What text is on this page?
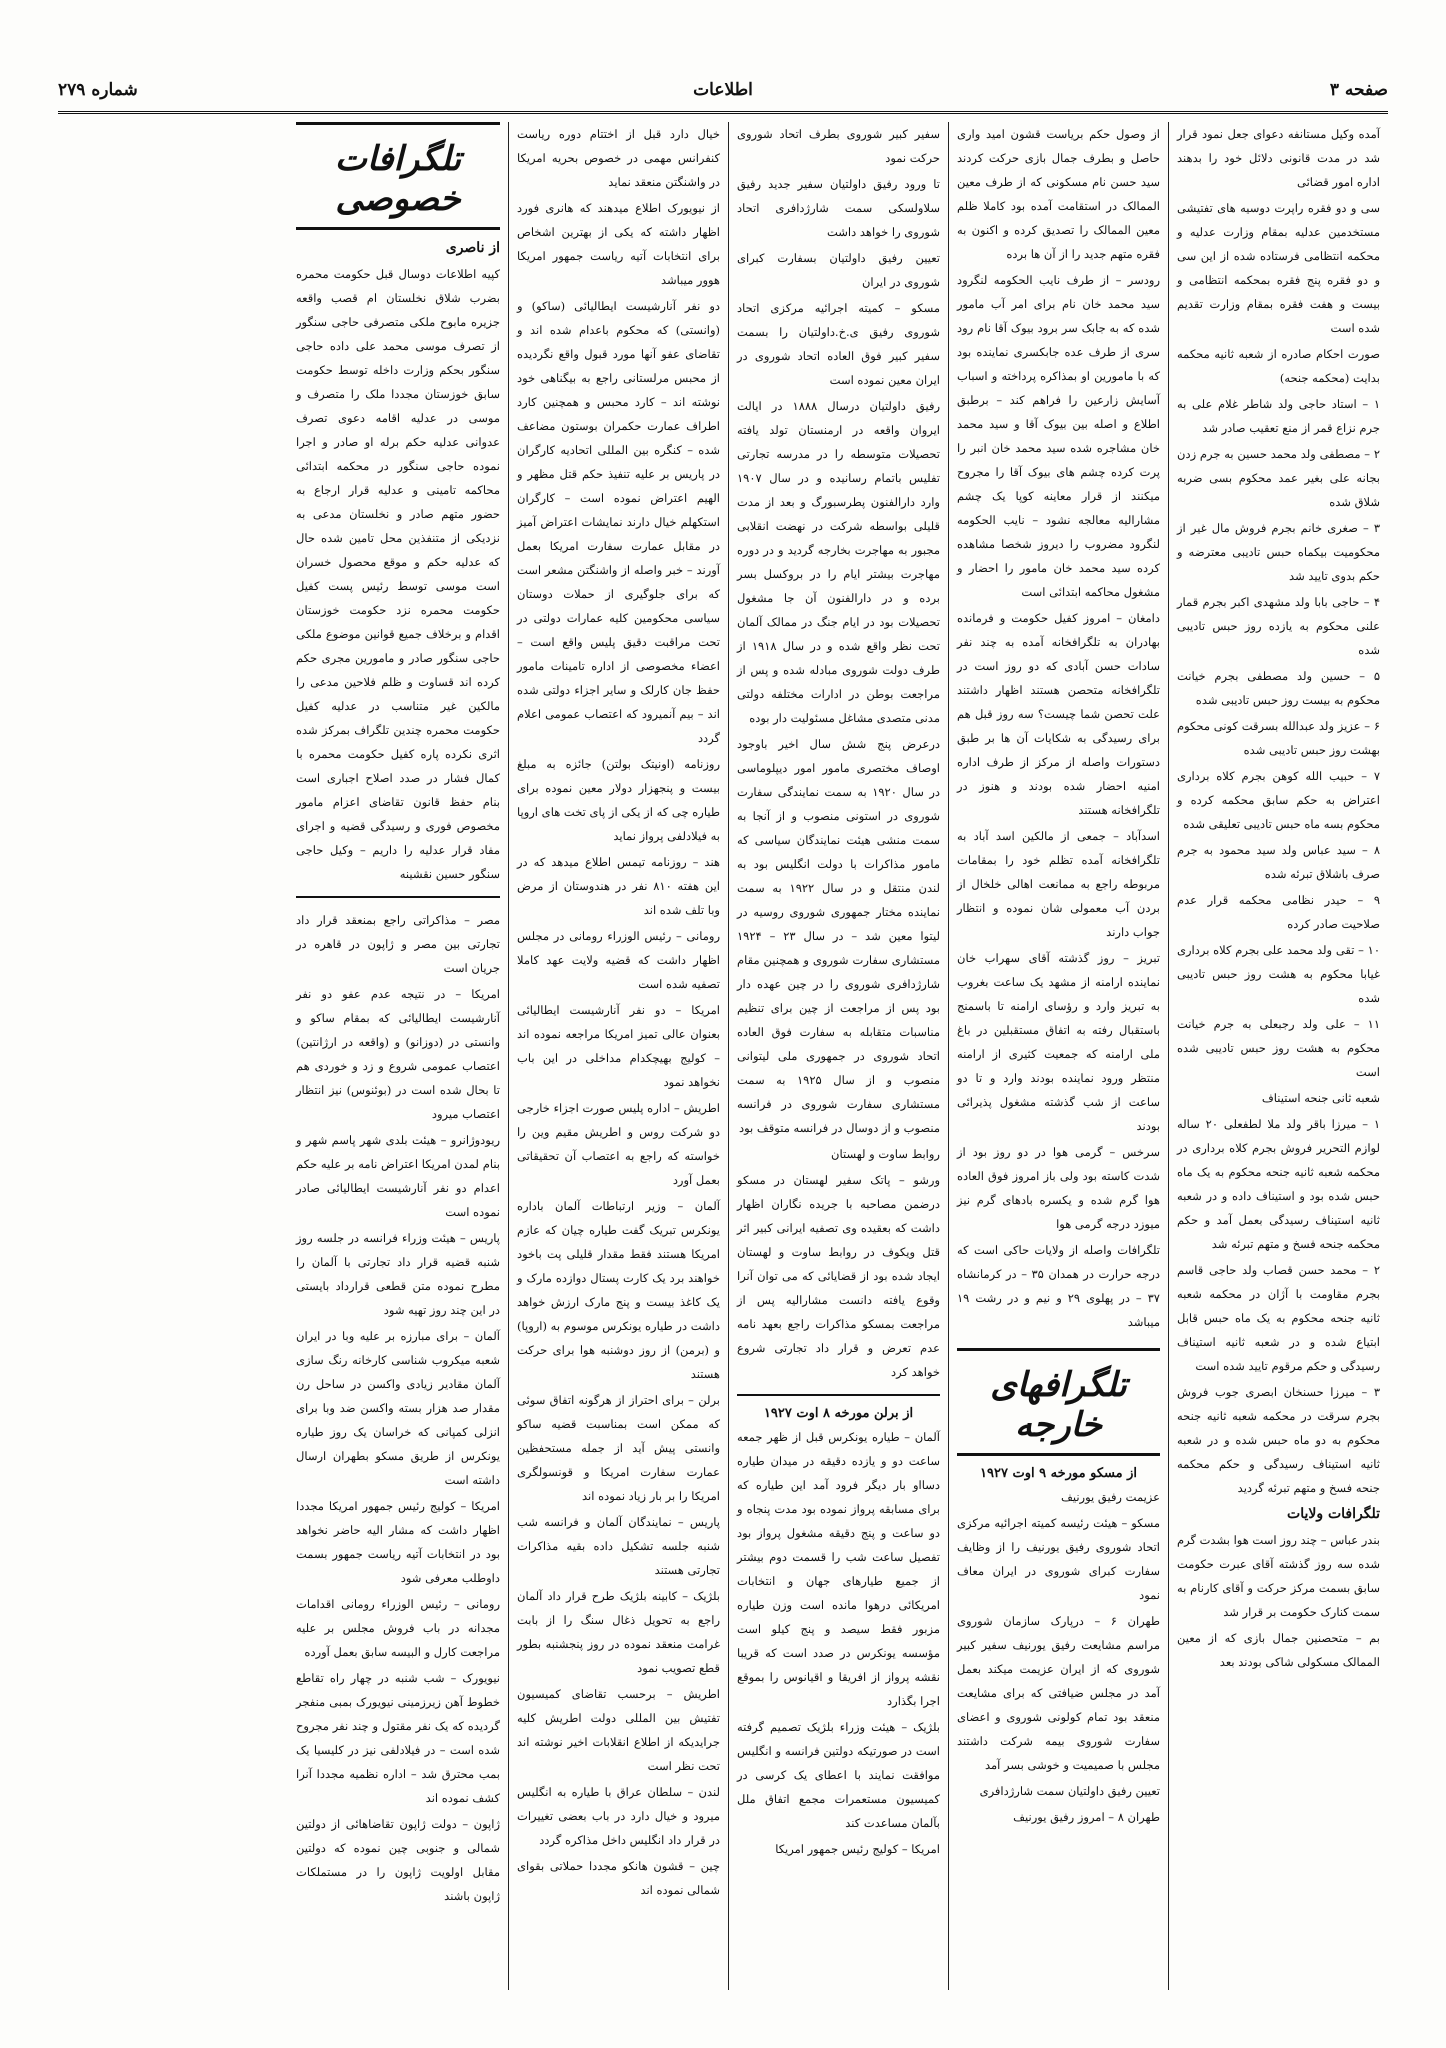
صفحه ۳
اطلاعات
شماره ۲۷۹

آمده وکیل مستانفه دعوای جعل نمود قرار شد در مدت قانونی دلائل خود را بدهند اداره امور قضائی

سی و دو فقره راپرت دوسیه های تفتیشی مستخدمین عدلیه بمقام وزارت عدلیه و محکمه انتظامی فرستاده شده از این سی و دو فقره پنج فقره بمحکمه انتظامی و بیست و هفت فقره بمقام وزارت تقدیم شده است

صورت احکام صادره از شعبه ثانیه محکمه بدایت (محکمه جنحه)

۱ – استاد حاجی ولد شاطر غلام علی به جرم نزاع قمر از منع تعقیب صادر شد

۲ – مصطفی ولد محمد حسین به جرم زدن بجانه علی بغیر عمد محکوم بسی ضربه شلاق شده

۳ – صغری خانم بجرم فروش مال غیر از محکومیت بیکماه حبس تادیبی معترضه و حکم بدوی تایید شد

۴ – حاجی بابا ولد مشهدی اکبر بجرم قمار علنی محکوم به یازده روز حبس تادیبی شده

۵ – حسین ولد مصطفی بجرم خیانت محکوم به بیست روز حبس تادیبی شده

۶ – عزیز ولد عبدالله بسرقت کونی محکوم بهشت روز حبس تادیبی شده

۷ – حبیب الله کوهن بجرم کلاه برداری اعتراض به حکم سابق محکمه کرده و محکوم بسه ماه حبس تادیبی تعلیقی شده

۸ – سید عباس ولد سید محمود به جرم صرف باشلاق تبرئه شده

۹ – حیدر نظامی محکمه قرار عدم صلاحیت صادر کرده

۱۰ – تقی ولد محمد علی بجرم کلاه برداری غیابا محکوم به هشت روز حبس تادیبی شده

۱۱ – علی ولد رجبعلی به جرم خیانت محکوم به هشت روز حبس تادیبی شده است

شعبه ثانی جنحه استیناف

۱ – میرزا باقر ولد ملا لطفعلی ۲۰ ساله لوازم التحریر فروش بجرم کلاه برداری در محکمه شعبه ثانیه جنحه محکوم به یک ماه حبس شده بود و استیناف داده و در شعبه ثانیه استیناف رسیدگی بعمل آمد و حکم محکمه جنحه فسخ و متهم تبرئه شد

۲ – محمد حسن قصاب ولد حاجی قاسم بجرم مقاومت با آژان در محکمه شعبه ثانیه جنحه محکوم به یک ماه حبس قابل ابتیاع شده و در شعبه ثانیه استیناف رسیدگی و حکم مرقوم تایید شده است

۳ – میرزا حسنخان ابصری جوب فروش بجرم سرقت در محکمه شعبه ثانیه جنحه محکوم به دو ماه حبس شده و در شعبه ثانیه استیناف رسیدگی و حکم محکمه جنحه فسخ و متهم تبرئه گردید

تلگرافات ولایات

بندر عباس – چند روز است هوا بشدت گرم شده سه روز گذشته آقای عبرت حکومت سابق بسمت مرکز حرکت و آقای کارنام به سمت کنارک حکومت بر قرار شد

بم – متحصنین جمال بازی که از معین الممالک مسکولی شاکی بودند بعد

از وصول حکم بریاست قشون امید واری حاصل و بطرف جمال بازی حرکت کردند سید حسن نام مسکونی که از طرف معین الممالک در استقامت آمده بود کاملا ظلم معین الممالک را تصدیق کرده و اکنون به فقره متهم جدید را از آن ها برده

رودسر – از طرف نایب الحکومه لنگرود سید محمد خان نام برای امر آب مامور شده که به جابک سر برود بیوک آقا نام رود سری از طرف عده جابکسری نماینده بود که با مامورین او بمذاکره پرداخته و اسباب آسایش زارعین را فراهم کند – برطبق اطلاع و اصله بین بیوک آقا و سید محمد خان مشاجره شده سید محمد خان انبر را پرت کرده چشم های بیوک آقا را مجروح میکنند از قرار معاینه کوپا یک چشم مشارالیه معالجه نشود – نایب الحکومه لنگرود مضروب را دیروز شخصا مشاهده کرده سید محمد خان مامور را احضار و مشغول محاکمه ابتدائی است

دامغان – امروز کفیل حکومت و فرمانده بهادران به تلگرافخانه آمده به چند نفر سادات حسن آبادی که دو روز است در تلگرافخانه متحصن هستند اظهار داشتند علت تحصن شما چیست؟ سه روز قبل هم برای رسیدگی به شکایات آن ها بر طبق دستورات واصله از مرکز از طرف اداره امنیه احضار شده بودند و هنوز در تلگرافخانه هستند

اسدآباد – جمعی از مالکین اسد آباد به تلگرافخانه آمده تظلم خود را بمقامات مربوطه راجع به ممانعت اهالی خلخال از بردن آب معمولی شان نموده و انتظار جواب دارند

تبریز – روز گذشته آقای سهراب خان نماینده ارامنه از مشهد یک ساعت بغروب به تبریز وارد و رؤسای ارامنه تا باسمنج باستقبال رفته به اتفاق مستقبلین در باغ ملی ارامنه که جمعیت کثیری از ارامنه منتظر ورود نماینده بودند وارد و تا دو ساعت از شب گذشته مشغول پذیرائی بودند

سرخس – گرمی هوا در دو روز بود از شدت کاسته بود ولی باز امروز فوق العاده هوا گرم شده و یکسره بادهای گرم نیز میوزد درجه گرمی هوا

تلگرافات واصله از ولایات حاکی است که درجه حرارت در همدان ۳۵ – در کرمانشاه ۳۷ – در پهلوی ۲۹ و نیم و در رشت ۱۹ میباشد

تلگرافهای خارجه
از مسکو مورخه ۹ اوت ۱۹۲۷

عزیمت رفیق یورنیف

مسکو – هیئت رئیسه کمیته اجرائیه مرکزی اتحاد شوروی رفیق یورنیف را از وظایف سفارت کبرای شوروی در ایران معاف نمود

طهران ۶ – درپارک سازمان شوروی مراسم مشایعت رفیق یورنیف سفیر کبیر شوروی که از ایران عزیمت میکند بعمل آمد در مجلس ضیافتی که برای مشایعت منعقد بود تمام کولونی شوروی و اعضای سفارت شوروی بیمه شرکت داشتند مجلس با صمیمیت و خوشی بسر آمد

تعیین رفیق داولتیان سمت شارژدافری

طهران ۸ – امروز رفیق یورنیف

سفیر کبیر شوروی بطرف اتحاد شوروی حرکت نمود

تا ورود رفیق داولتیان سفیر جدید رفیق سلاولسکی سمت شارژدافری اتحاد شوروی را خواهد داشت

تعیین رفیق داولتیان بسفارت کبرای شوروی در ایران

مسکو – کمیته اجرائیه مرکزی اتحاد شوروی رفیق ی.خ.داولتیان را بسمت سفیر کبیر فوق العاده اتحاد شوروی در ایران معین نموده است

رفیق داولتیان درسال ۱۸۸۸ در ایالت ایروان واقعه در ارمنستان تولد یافته تحصیلات متوسطه را در مدرسه تجارتی تفلیس باتمام رسانیده و در سال ۱۹۰۷ وارد دارالفنون پطرسبورگ و بعد از مدت قلیلی بواسطه شرکت در نهضت انقلابی مجبور به مهاجرت بخارجه گردید و در دوره مهاجرت بیشتر ایام را در بروکسل بسر برده و در دارالفنون آن جا مشغول تحصیلات بود در ایام جنگ در ممالک آلمان تحت نظر واقع شده و در سال ۱۹۱۸ از طرف دولت شوروی مبادله شده و پس از مراجعت بوطن در ادارات مختلفه دولتی مدنی متصدی مشاغل مسئولیت دار بوده

درعرض پنج شش سال اخیر باوجود اوصاف مختصری مامور امور دیپلوماسی در سال ۱۹۲۰ به سمت نمایندگی سفارت شوروی در استونی منصوب و از آنجا به سمت منشی هیئت نمایندگان سیاسی که مامور مذاکرات با دولت انگلیس بود به لندن منتقل و در سال ۱۹۲۲ به سمت نماینده مختار جمهوری شوروی روسیه در لیتوا معین شد – در سال ۲۳ – ۱۹۲۴ مستشاری سفارت شوروی و همچنین مقام شارژدافری شوروی را در چین عهده دار بود پس از مراجعت از چین برای تنظیم مناسبات متقابله به سفارت فوق العاده اتحاد شوروی در جمهوری ملی لیتوانی منصوب و از سال ۱۹۲۵ به سمت مستشاری سفارت شوروی در فرانسه منصوب و از دوسال در فرانسه متوقف بود

روابط ساوت و لهستان

ورشو – پاتک سفیر لهستان در مسکو درضمن مصاحبه با جریده نگاران اظهار داشت که بعقیده وی تصفیه ایرانی کبیر اثر قتل ویکوف در روابط ساوت و لهستان ایجاد شده بود از قضایائی که می توان آنرا وقوع یافته دانست مشارالیه پس از مراجعت بمسکو مذاکرات راجع بعهد نامه عدم تعرض و قرار داد تجارتی شروع خواهد کرد

از برلن مورخه ۸ اوت ۱۹۲۷

آلمان – طیاره یونکرس قبل از ظهر جمعه ساعت دو و یازده دقیقه در میدان طیاره دسااو بار دیگر فرود آمد این طیاره که برای مسابقه پرواز نموده بود مدت پنجاه و دو ساعت و پنج دقیقه مشغول پرواز بود تفصیل ساعت شب را قسمت دوم بیشتر از جمیع طیارهای جهان و انتخابات امریکائی درهوا مانده است وزن طیاره مزبور فقط سیصد و پنج کیلو است مؤسسه یونکرس در صدد است که قریبا نقشه پرواز از افریقا و اقیانوس را بموقع اجرا بگذارد

بلژیک – هیئت وزراء بلژیک تصمیم گرفته است در صورتیکه دولتین فرانسه و انگلیس موافقت نمایند با اعطای یک کرسی در کمیسیون مستعمرات مجمع اتفاق ملل بآلمان مساعدت کند

امریکا – کولیج رئیس جمهور امریکا

خیال دارد قبل از اختتام دوره ریاست کنفرانس مهمی در خصوص بحریه امریکا در واشنگتن منعقد نماید

از نیویورک اطلاع میدهند که هانری فورد اظهار داشته که یکی از بهترین اشخاص برای انتخابات آتیه ریاست جمهور امریکا هوور میباشد

دو نفر آنارشیست ایطالیائی (ساکو) و (وانستی) که محکوم باعدام شده اند و تقاضای عفو آنها مورد قبول واقع نگردیده از محبس مرلستانی راجع به بیگناهی خود نوشته اند – کارد محبس و همچنین کارد اطراف عمارت حکمران بوستون مضاعف شده – کنگره بین المللی اتحادیه کارگران در پاریس بر علیه تنفیذ حکم قتل مظهر و الهیم اعتراض نموده است – کارگران استکهلم خیال دارند نمایشات اعتراض آمیز در مقابل عمارت سفارت امریکا بعمل آورند – خبر واصله از واشنگتن مشعر است که برای جلوگیری از حملات دوستان سیاسی محکومین کلیه عمارات دولتی در تحت مراقبت دقیق پلیس واقع است – اعضاء مخصوصی از اداره تامینات مامور حفظ جان کارلک و سایر اجزاء دولتی شده اند – بیم آنمیرود که اعتصاب عمومی اعلام گردد

روزنامه (اونیتک بولتن) جائزه به مبلغ بیست و پنجهزار دولار معین نموده برای طیاره چی که از یکی از پای تخت های اروپا به فیلادلفی پرواز نماید

هند – روزنامه تیمس اطلاع میدهد که در این هفته ۸۱۰ نفر در هندوستان از مرض وبا تلف شده اند

رومانی – رئیس الوزراء رومانی در مجلس اظهار داشت که قضیه ولایت عهد کاملا تصفیه شده است

امریکا – دو نفر آنارشیست ایطالیائی بعنوان عالی تمیز امریکا مراجعه نموده اند – کولیج بهیچکدام مداخلی در این باب نخواهد نمود

اطریش – اداره پلیس صورت اجزاء خارجی دو شرکت روس و اطریش مقیم وین را خواسته که راجع به اعتصاب آن تحقیقاتی بعمل آورد

آلمان – وزیر ارتباطات آلمان باداره یونکرس تبریک گفت طیاره چیان که عازم امریکا هستند فقط مقدار قلیلی پت باخود خواهند برد یک کارت پستال دوازده مارک و یک کاغذ بیست و پنج مارک ارزش خواهد داشت در طیاره یونکرس موسوم به (اروپا) و (برمن) از روز دوشنبه هوا برای حرکت هستند

برلن – برای احتراز از هرگونه اتفاق سوئی که ممکن است بمناسبت قضیه ساکو وانستی پیش آید از جمله مستحفظین عمارت سفارت امریکا و قونسولگری امریکا را بر بار زیاد نموده اند

پاریس – نمایندگان آلمان و فرانسه شب شنبه جلسه تشکیل داده بقیه مذاکرات تجارتی هستند

بلژیک – کابینه بلژیک طرح قرار داد آلمان راجع به تحویل ذغال سنگ را از بابت غرامت منعقد نموده در روز پنجشنبه بطور قطع تصویب نمود

اطریش – برحسب تقاضای کمیسیون تفتیش بین المللی دولت اطریش کلیه جرایدیکه از اطلاع انقلابات اخیر نوشته اند تحت نظر است

لندن – سلطان عراق با طیاره به انگلیس میرود و خیال دارد در باب بعضی تغییرات در قرار داد انگلیس داخل مذاکره گردد

چین – قشون هانکو مجددا حملاتی بقوای شمالی نموده اند

تلگرافات خصوصی
از ناصری

کپیه اطلاعات دوسال قبل حکومت محمره بضرب شلاق نخلستان ام قصب واقعه جزیره مابوح ملکی متصرفی حاجی سنگور از تصرف موسی محمد علی داده حاجی سنگور بحکم وزارت داخله توسط حکومت سابق خوزستان مجددا ملک را متصرف و موسی در عدلیه اقامه دعوی تصرف عدوانی عدلیه حکم برله او صادر و اجرا نموده حاجی سنگور در محکمه ابتدائی محاکمه تامینی و عدلیه قرار ارجاع به حضور متهم صادر و نخلستان مدعی به نزدیکی از متنفذین محل تامین شده حال که عدلیه حکم و موقع محصول خسران است موسی توسط رئیس پست کفیل حکومت محمره نزد حکومت خوزستان اقدام و برخلاف جمیع قوانین موضوع ملکی حاجی سنگور صادر و مامورین مجری حکم کرده اند قساوت و ظلم فلاحین مدعی را مالکین غیر متناسب در عدلیه کفیل حکومت محمره چندین تلگراف بمرکز شده اثری نکرده پاره کفیل حکومت محمره با کمال فشار در صدد اصلاح اجباری است بنام حفظ قانون تقاضای اعزام مامور مخصوص فوری و رسیدگی قضیه و اجرای مفاد قرار عدلیه را داریم – وکیل حاجی سنگور حسین نقشینه

مصر – مذاکراتی راجع بمنعقد قرار داد تجارتی بین مصر و ژاپون در قاهره در جریان است

امریکا – در نتیجه عدم عفو دو نفر آنارشیست ایطالیائی که بمقام ساکو و وانستی در (دوزانو) و (واقعه در ارژانتین) اعتصاب عمومی شروع و زد و خوردی هم تا بحال شده است در (بوئنوس) نیز انتظار اعتصاب میرود

ریودوژانرو – هیئت بلدی شهر پاسم شهر و بنام لمدن امریکا اعتراض نامه بر علیه حکم اعدام دو نفر آنارشیست ایطالیائی صادر نموده است

پاریس – هیئت وزراء فرانسه در جلسه روز شنبه قضیه قرار داد تجارتی با آلمان را مطرح نموده متن قطعی قرارداد بایستی در این چند روز تهیه شود

آلمان – برای مبارزه بر علیه وبا در ایران شعبه میکروب شناسی کارخانه رنگ سازی آلمان مقادیر زیادی واکسن در ساحل رن مقدار صد هزار بسته واکسن ضد وبا برای انزلی کمپانی که خراسان یک روز طیاره یونکرس از طریق مسکو بطهران ارسال داشته است

امریکا – کولیج رئیس جمهور امریکا مجددا اظهار داشت که مشار الیه حاضر نخواهد بود در انتخابات آتیه ریاست جمهور بسمت داوطلب معرفی شود

رومانی – رئیس الوزراء رومانی اقدامات مجدانه در باب فروش مجلس بر علیه مراجعت کارل و البیسه سابق بعمل آورده

نیویورک – شب شنبه در چهار راه تقاطع خطوط آهن زیرزمینی نیویورک بمبی منفجر گردیده که یک نفر مقتول و چند نفر مجروح شده است – در فیلادلفی نیز در کلیسیا یک بمب محترق شد – اداره نظمیه مجددا آنرا کشف نموده اند

ژاپون – دولت ژاپون تقاضاهائی از دولتین شمالی و جنوبی چین نموده که دولتین مقابل اولویت ژاپون را در مستملکات ژاپون باشند
